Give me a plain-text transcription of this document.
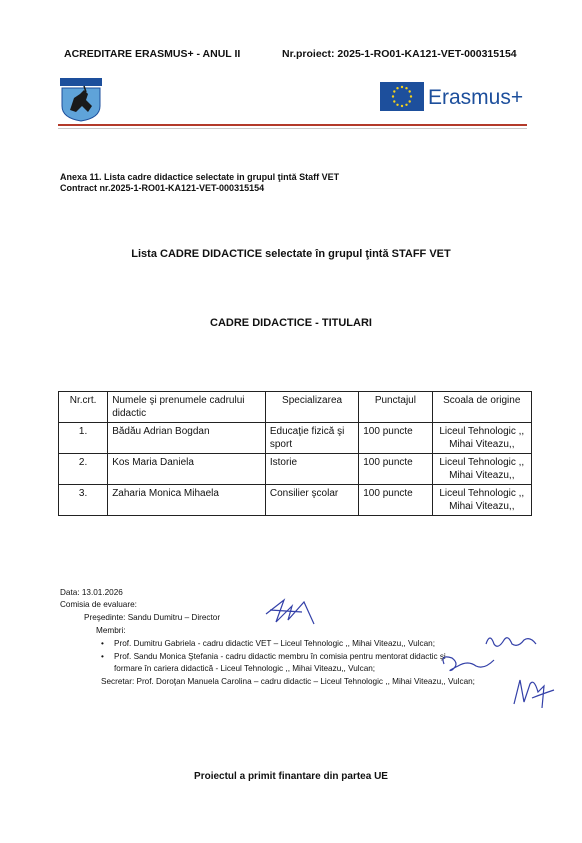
ACREDITARE ERASMUS+ - ANUL II	Nr.proiect: 2025-1-RO01-KA121-VET-000315154
Erasmus+
Anexa 11. Lista cadre didactice selectate in grupul ţintă Staff VET
Contract nr.2025-1-RO01-KA121-VET-000315154
Lista CADRE DIDACTICE selectate în grupul ţintă STAFF VET
CADRE DIDACTICE - TITULARI
Nr.crt.	Numele şi prenumele cadrului didactic	Specializarea	Punctajul	Scoala de origine
1.	Bădău Adrian Bogdan	Educaţie fizică şi sport	100 puncte	Liceul Tehnologic ,, Mihai Viteazu,,
2.	Kos Maria Daniela	Istorie	100 puncte	Liceul Tehnologic ,, Mihai Viteazu,,
3.	Zaharia Monica Mihaela	Consilier şcolar	100 puncte	Liceul Tehnologic ,, Mihai Viteazu,,
Data: 13.01.2026
Comisia de evaluare:
Preşedinte: Sandu Dumitru – Director
Membri:
• Prof. Dumitru Gabriela - cadru didactic VET – Liceul Tehnologic ,, Mihai Viteazu,, Vulcan;
• Prof. Sandu Monica Ştefania - cadru didactic membru în comisia pentru mentorat didactic şi
formare în cariera didactică - Liceul Tehnologic ,, Mihai Viteazu,, Vulcan;
Secretar: Prof. Doroţan Manuela Carolina – cadru didactic – Liceul Tehnologic ,, Mihai Viteazu,, Vulcan;
Proiectul a primit finantare din partea UE
